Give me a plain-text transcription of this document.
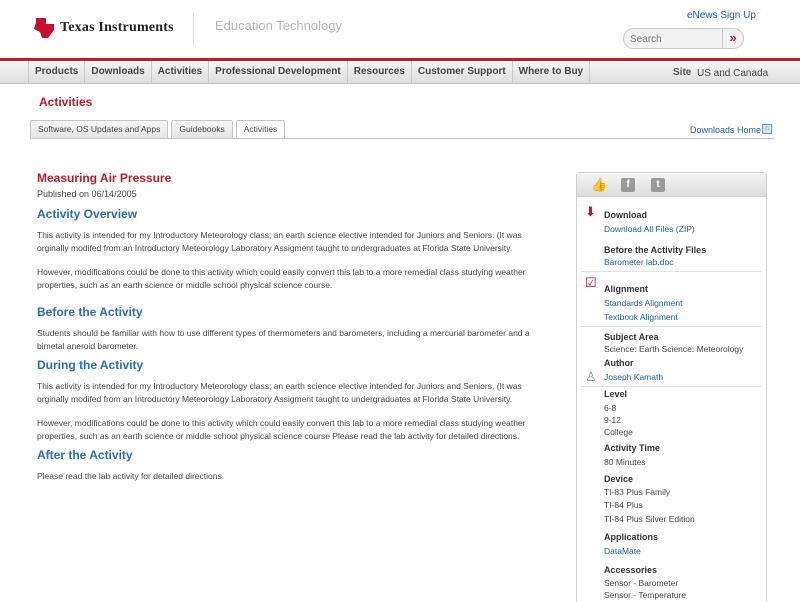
Texas Instruments	Education Technology
eNews Sign Up
Search
»
Products	Downloads	Activities	Professional Development	Resources	Customer Support	Where to Buy	Site US and Canada
Activities
Software, OS Updates and Apps	Guidebooks	Activities	Downloads Home ⌂
Measuring Air Pressure
Published on 06/14/2005
Activity Overview

This activity is intended for my Introductory Meteorology class; an earth science elective intended for Juniors and Seniors. (It was orginally modifed from an Introductory Meteorology Laboratory Assigment taught to undergraduates at Florida State University.

However, modifications could be done to this activity which could easily convert this lab to a more remedial class studying weather properties, such as an earth science or middle school physical science course.

Before the Activity

Students should be familiar with how to use different types of thermometers and barometers, including a mercurial barometer and a bimetal aneroid barometer.

During the Activity

This activity is intended for my Introductory Meteorology class; an earth science elective intended for Juniors and Seniors. (It was orginally modifed from an Introductory Meteorology Laboratory Assigment taught to undergraduates at Florida State University.

However, modifications could be done to this activity which could easily convert this lab to a more remedial class studying weather properties, such as an earth science or middle school physical science course Please read the lab activity for detailed directions.

After the Activity

Please read the lab activity for detailed directions.

👍	f	t
⬇ Download
Download All Files (ZIP)
Before the Activity Files
Barometer lab.doc
☑ Alignment
Standards Alignment
Textbook Alignment
Subject Area
Science: Earth Science: Meteorology
Author
♙ Joseph Kamath
Level
6-8
9-12
College
Activity Time
80 Minutes
Device
TI-83 Plus Family
TI-84 Plus
TI-84 Plus Silver Edition
Applications
DataMate
Accessories
Sensor - Barometer
Sensor - Temperature
